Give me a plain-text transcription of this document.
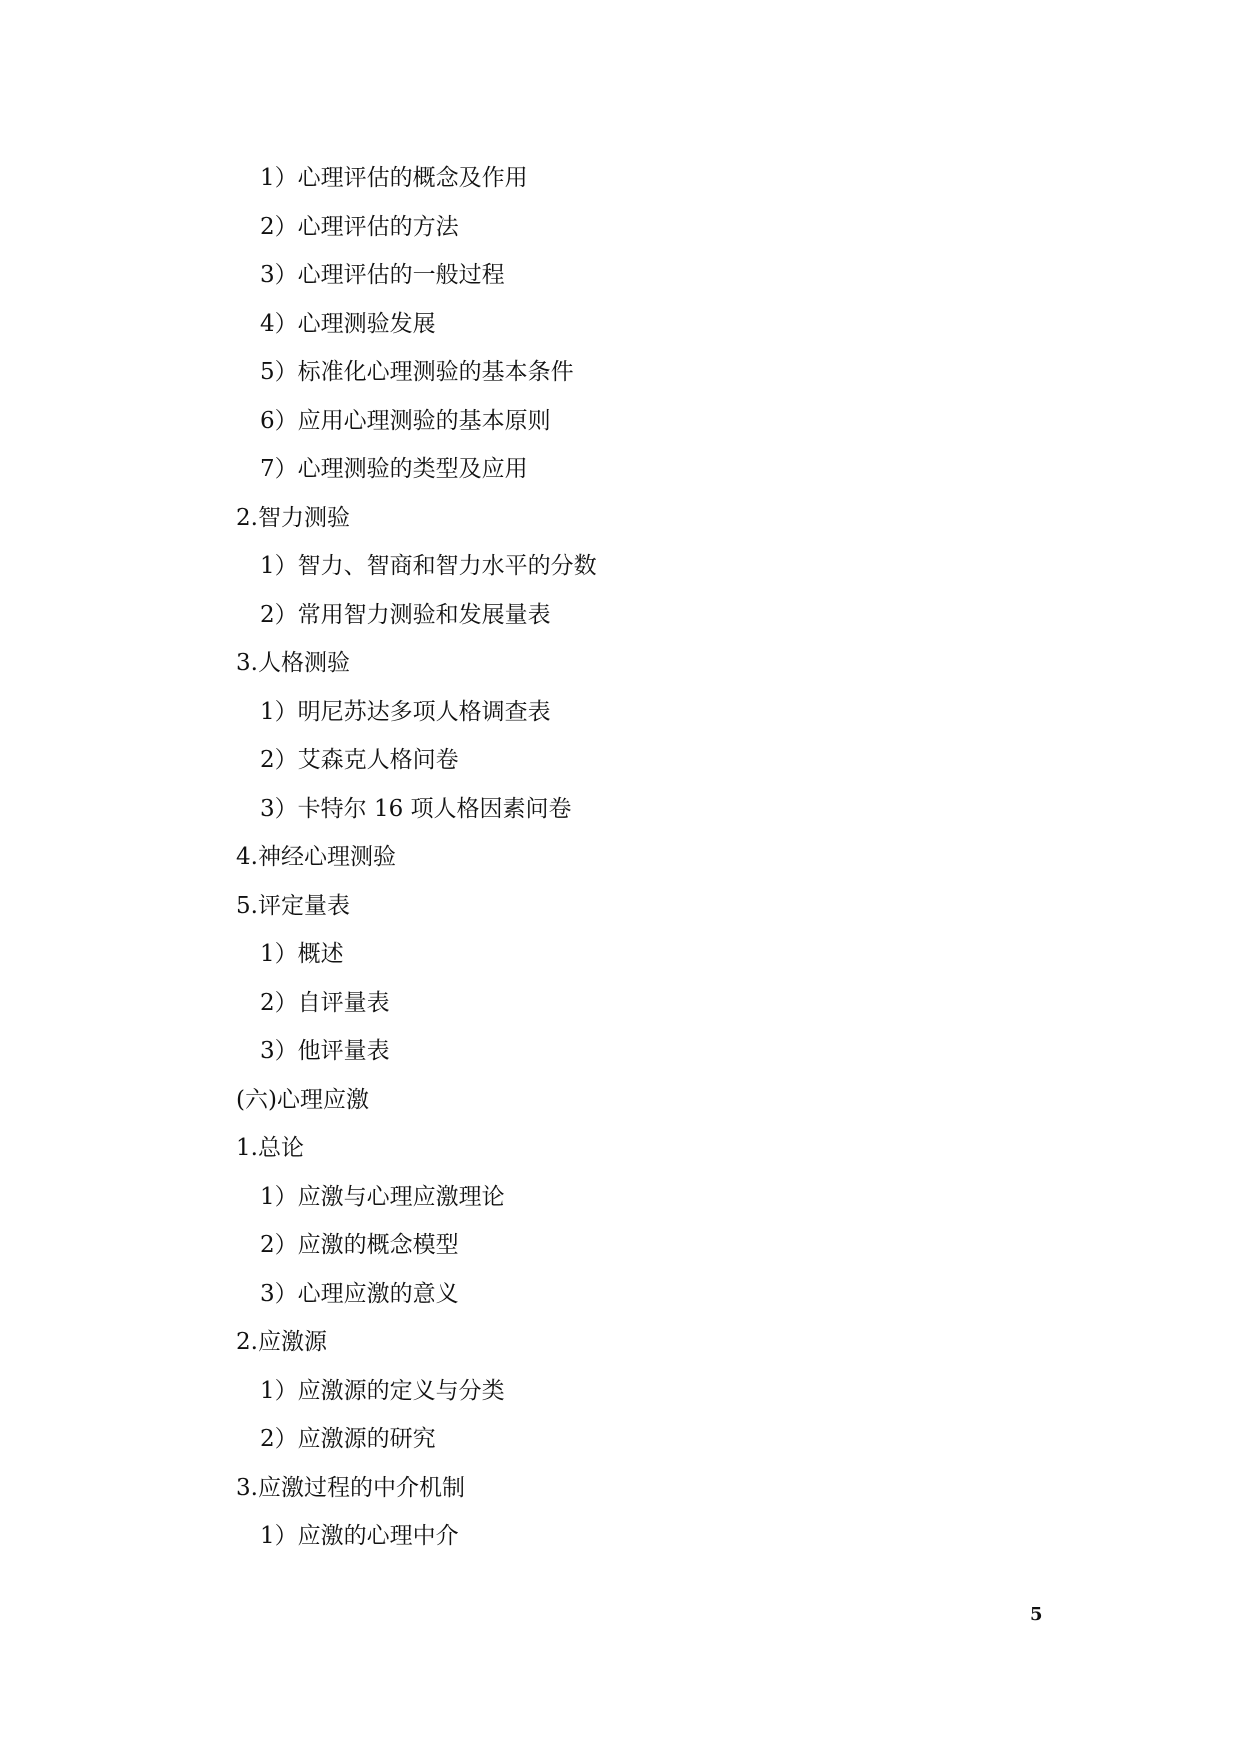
1）心理评估的概念及作用
2）心理评估的方法
3）心理评估的一般过程
4）心理测验发展
5）标准化心理测验的基本条件
6）应用心理测验的基本原则
7）心理测验的类型及应用
2.智力测验
1）智力、智商和智力水平的分数
2）常用智力测验和发展量表
3.人格测验
1）明尼苏达多项人格调查表
2）艾森克人格问卷
3）卡特尔 16 项人格因素问卷
4.神经心理测验
5.评定量表
1）概述
2）自评量表
3）他评量表
(六)心理应激
1.总论
1）应激与心理应激理论
2）应激的概念模型
3）心理应激的意义
2.应激源
1）应激源的定义与分类
2）应激源的研究
3.应激过程的中介机制
1）应激的心理中介
5
